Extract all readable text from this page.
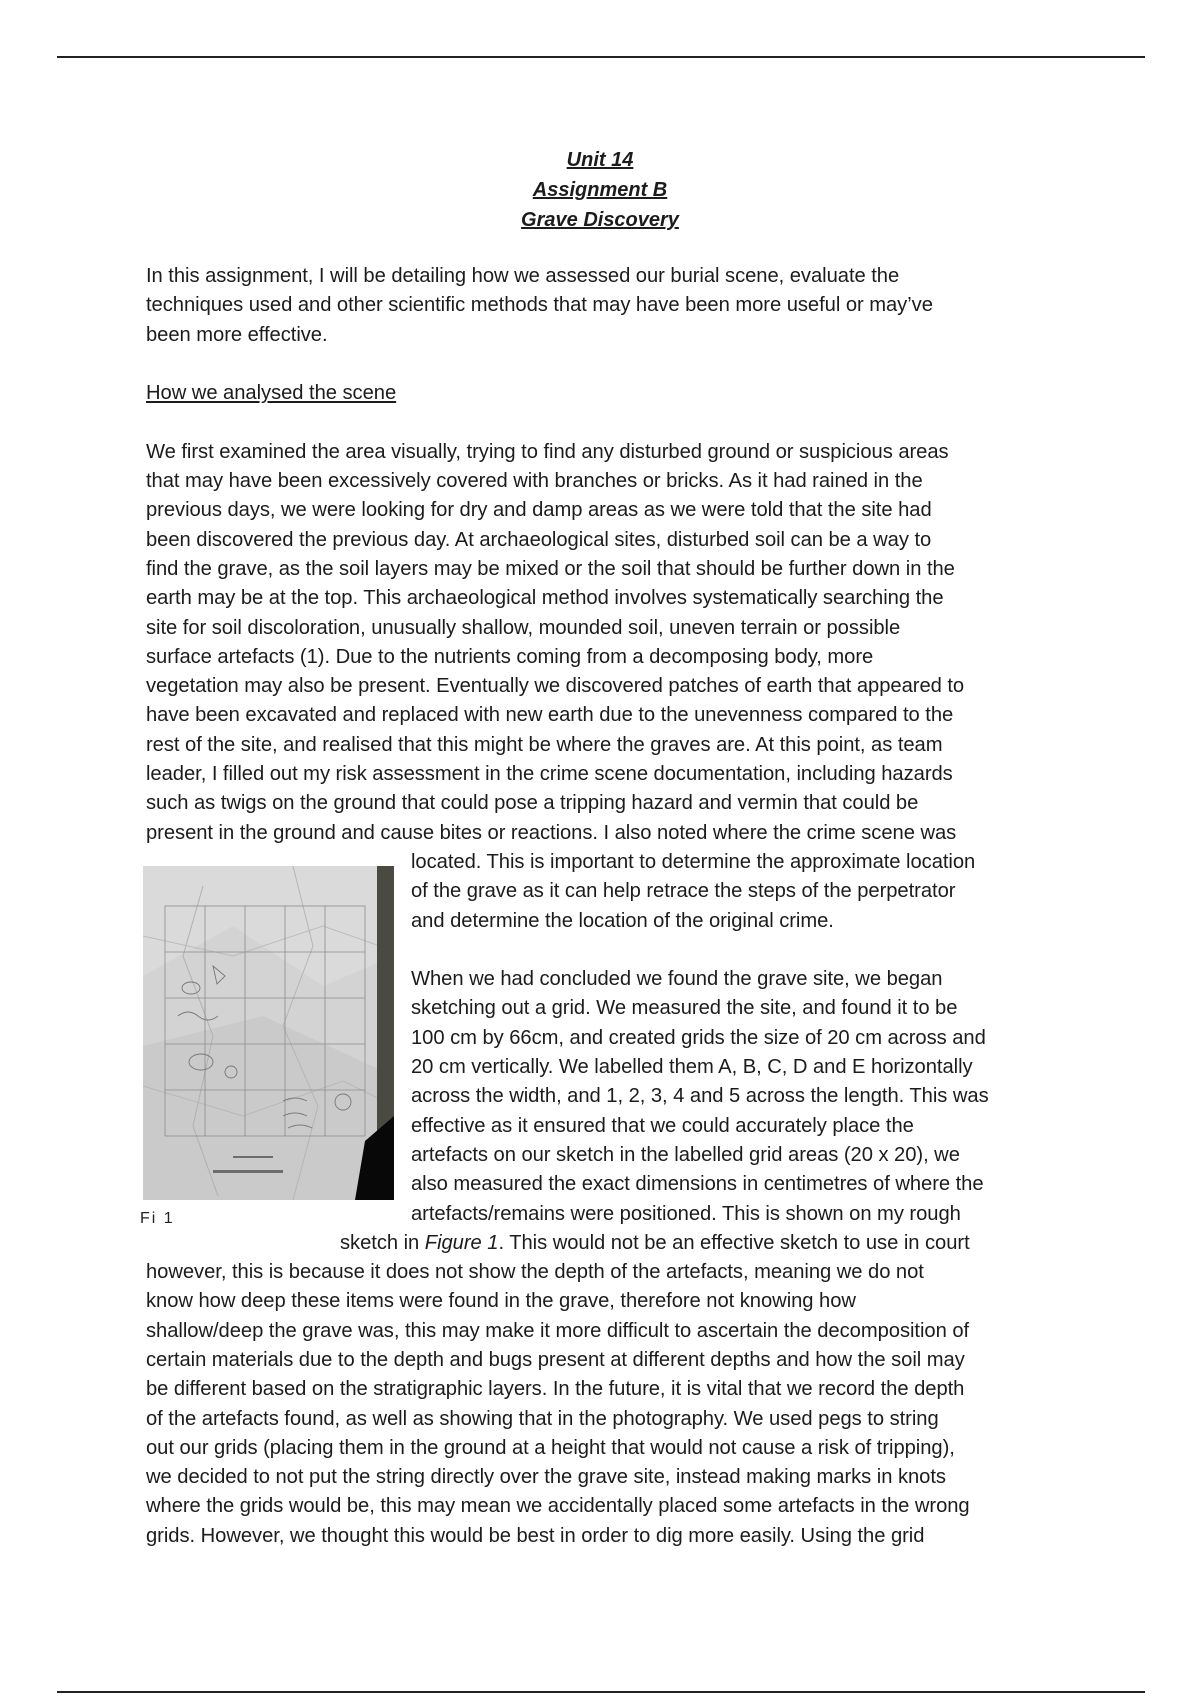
Unit 14
Assignment B
Grave Discovery
In this assignment, I will be detailing how we assessed our burial scene, evaluate the
techniques used and other scientific methods that may have been more useful or may’ve
been more effective.
How we analysed the scene
We first examined the area visually, trying to find any disturbed ground or suspicious areas
that may have been excessively covered with branches or bricks. As it had rained in the
previous days, we were looking for dry and damp areas as we were told that the site had
been discovered the previous day. At archaeological sites, disturbed soil can be a way to
find the grave, as the soil layers may be mixed or the soil that should be further down in the
earth may be at the top. This archaeological method involves systematically searching the
site for soil discoloration, unusually shallow, mounded soil, uneven terrain or possible
surface artefacts (1). Due to the nutrients coming from a decomposing body, more
vegetation may also be present. Eventually we discovered patches of earth that appeared to
have been excavated and replaced with new earth due to the unevenness compared to the
rest of the site, and realised that this might be where the graves are. At this point, as team
leader, I filled out my risk assessment in the crime scene documentation, including hazards
such as twigs on the ground that could pose a tripping hazard and vermin that could be
present in the ground and cause bites or reactions. I also noted where the crime scene was
located. This is important to determine the approximate location
of the grave as it can help retrace the steps of the perpetrator
and determine the location of the original crime.
When we had concluded we found the grave site, we began
sketching out a grid. We measured the site, and found it to be
100 cm by 66cm, and created grids the size of 20 cm across and
20 cm vertically. We labelled them A, B, C, D and E horizontally
across the width, and 1, 2, 3, 4 and 5 across the length. This was
effective as it ensured that we could accurately place the
artefacts on our sketch in the labelled grid areas (20 x 20), we
also measured the exact dimensions in centimetres of where the
artefacts/remains were positioned. This is shown on my rough
sketch in Figure 1. This would not be an effective sketch to use in court
however, this is because it does not show the depth of the artefacts, meaning we do not
know how deep these items were found in the grave, therefore not knowing how
shallow/deep the grave was, this may make it more difficult to ascertain the decomposition of
certain materials due to the depth and bugs present at different depths and how the soil may
be different based on the stratigraphic layers. In the future, it is vital that we record the depth
of the artefacts found, as well as showing that in the photography. We used pegs to string
out our grids (placing them in the ground at a height that would not cause a risk of tripping),
we decided to not put the string directly over the grave site, instead making marks in knots
where the grids would be, this may mean we accidentally placed some artefacts in the wrong
grids. However, we thought this would be best in order to dig more easily. Using the grid
Fi 1
